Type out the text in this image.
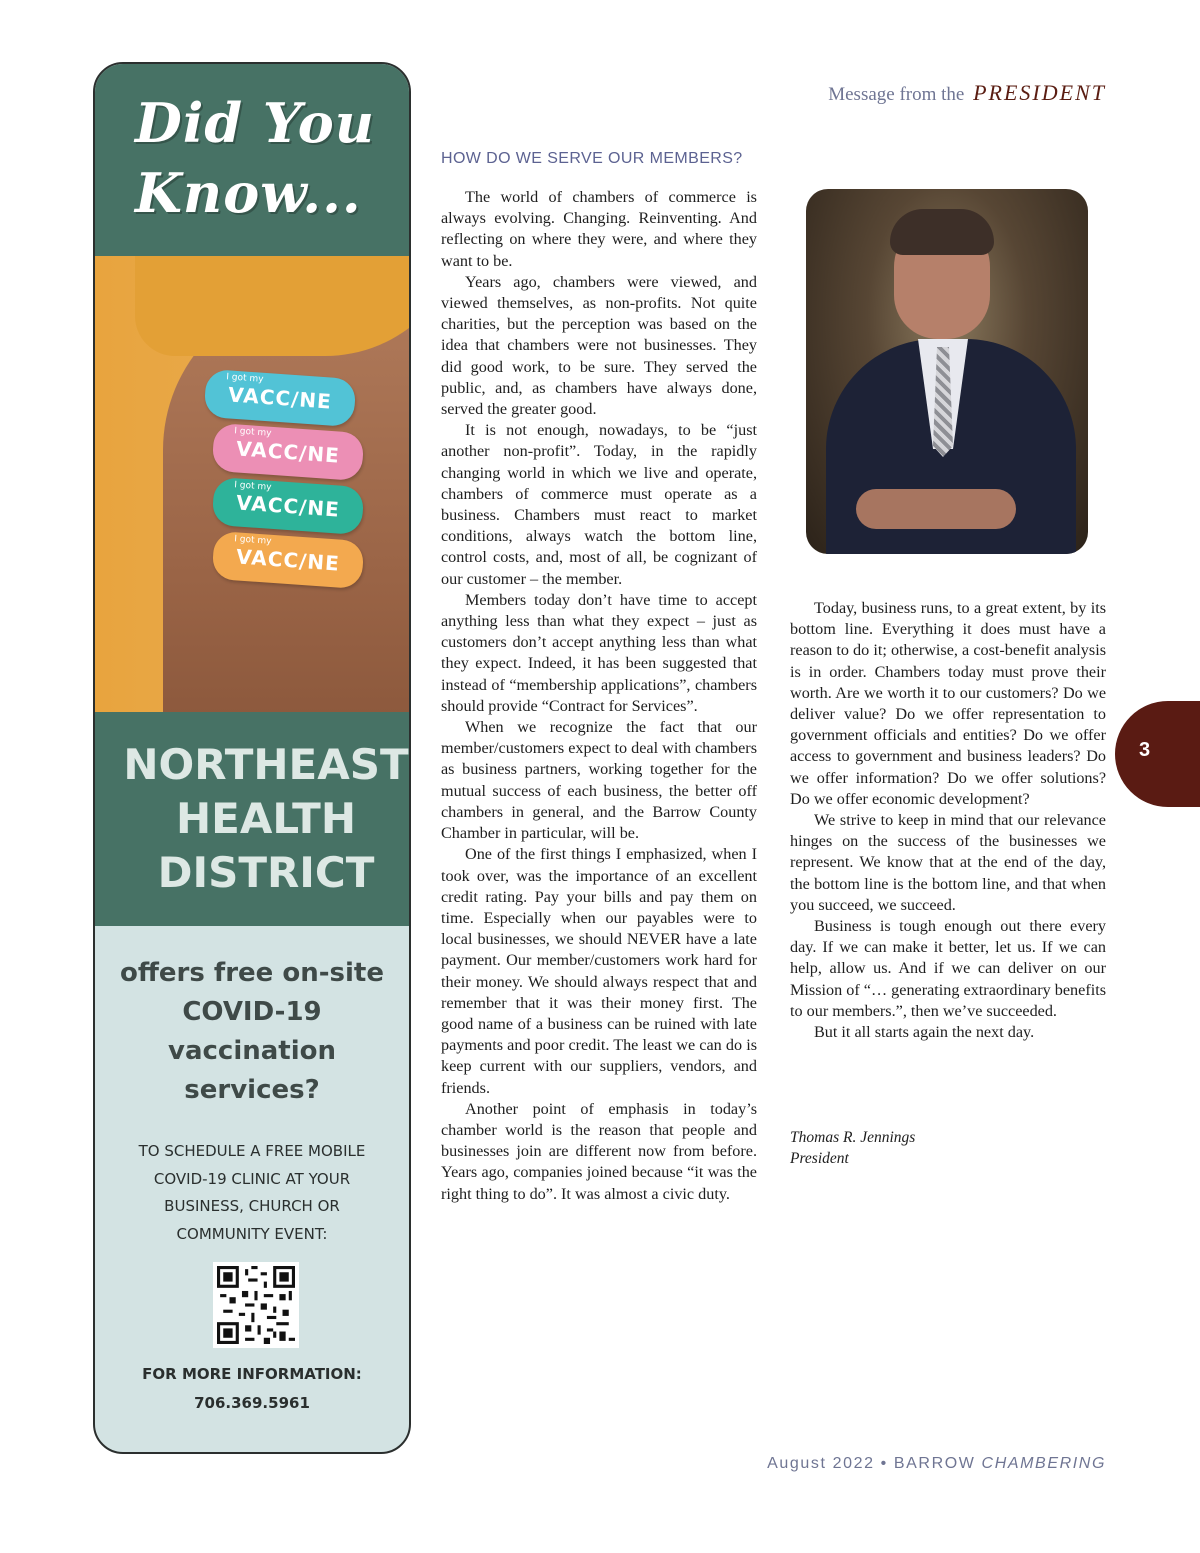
Did You Know...
I got my
VACC∕NE
I got my
VACC∕NE
I got my
VACC∕NE
I got my
VACC∕NE
NORTHEAST HEALTH DISTRICT

offers free on-site COVID-19 vaccination services?

TO SCHEDULE A FREE MOBILE COVID-19 CLINIC AT YOUR BUSINESS, CHURCH OR COMMUNITY EVENT:

FOR MORE INFORMATION:
706.369.5961
Message from the PRESIDENT
HOW DO WE SERVE OUR MEMBERS?

The world of chambers of commerce is always evolving. Changing. Reinventing. And reflecting on where they were, and where they want to be.

Years ago, chambers were viewed, and viewed themselves, as non-profits. Not quite charities, but the perception was based on the idea that chambers were not businesses. They did good work, to be sure. They served the public, and, as chambers have always done, served the greater good.

It is not enough, nowadays, to be “just another non-profit”. Today, in the rapidly changing world in which we live and operate, chambers of commerce must operate as a business. Chambers must react to market conditions, always watch the bottom line, control costs, and, most of all, be cognizant of our customer – the member.

Members today don’t have time to accept anything less than what they expect – just as customers don’t accept anything less than what they expect. Indeed, it has been suggested that instead of “membership applications”, chambers should provide “Contract for Services”.

When we recognize the fact that our member/customers expect to deal with chambers as business partners, working together for the mutual success of each business, the better off chambers in general, and the Barrow County Chamber in particular, will be.

One of the first things I emphasized, when I took over, was the importance of an excellent credit rating. Pay your bills and pay them on time. Especially when our payables were to local businesses, we should NEVER have a late payment. Our member/customers work hard for their money. We should always respect that and remember that it was their money first. The good name of a business can be ruined with late payments and poor credit. The least we can do is keep current with our suppliers, vendors, and friends.

Another point of emphasis in today’s chamber world is the reason that people and businesses join are different now from before. Years ago, companies joined because “it was the right thing to do”. It was almost a civic duty.

Today, business runs, to a great extent, by its bottom line. Everything it does must have a reason to do it; otherwise, a cost-benefit analysis is in order. Chambers today must prove their worth. Are we worth it to our customers? Do we deliver value? Do we offer representation to government officials and entities? Do we offer access to government and business leaders? Do we offer information? Do we offer solutions? Do we offer economic development?

We strive to keep in mind that our relevance hinges on the success of the businesses we represent. We know that at the end of the day, the bottom line is the bottom line, and that when you succeed, we succeed.

Business is tough enough out there every day. If we can make it better, let us. If we can help, allow us. And if we can deliver on our Mission of “… generating extraordinary benefits to our members.”, then we’ve succeeded.

But it all starts again the next day.

Thomas R. Jennings
President
3
August 2022 • BARROW CHAMBERING
